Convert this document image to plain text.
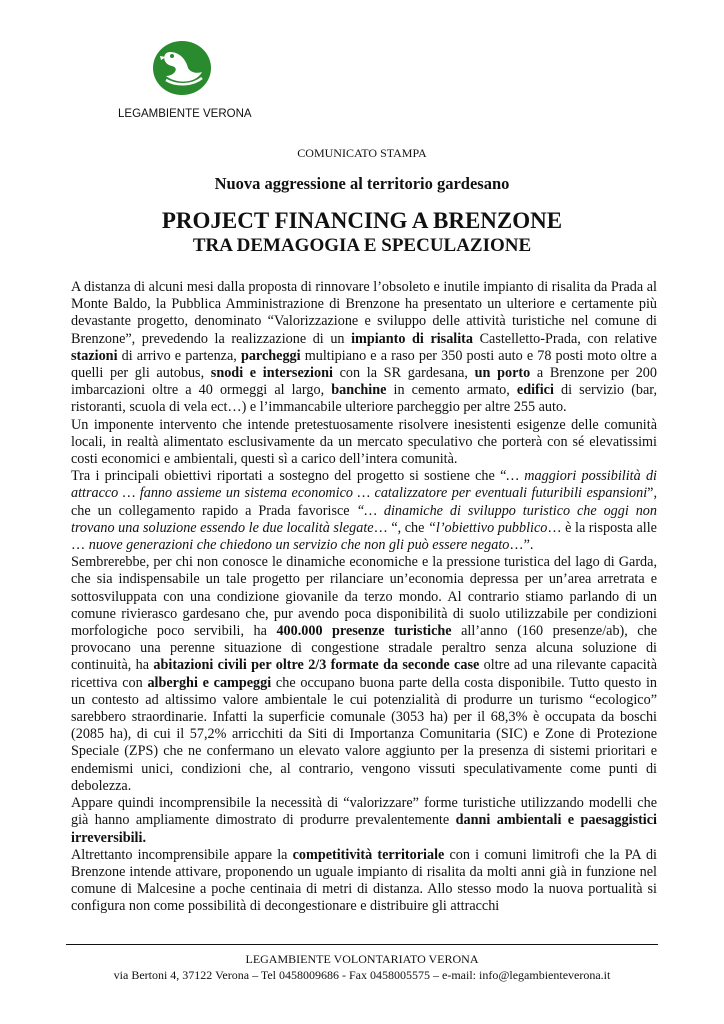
LEGAMBIENTE VERONA
COMUNICATO STAMPA
Nuova aggressione al territorio gardesano
PROJECT FINANCING A BRENZONE
TRA DEMAGOGIA E SPECULAZIONE

A distanza di alcuni mesi dalla proposta di rinnovare l’obsoleto e inutile impianto di risalita da Prada al Monte Baldo, la Pubblica Amministrazione di Brenzone ha presentato un ulteriore e certamente più devastante progetto, denominato “Valorizzazione e sviluppo delle attività turistiche nel comune di Brenzone”, prevedendo la realizzazione di un impianto di risalita Castelletto-Prada, con relative stazioni di arrivo e partenza, parcheggi multipiano e a raso per 350 posti auto e 78 posti moto oltre a quelli per gli autobus, snodi e intersezioni con la SR gardesana, un porto a Brenzone per 200 imbarcazioni oltre a 40 ormeggi al largo, banchine in cemento armato, edifici di servizio (bar, ristoranti, scuola di vela ect…) e l’immancabile ulteriore parcheggio per altre 255 auto.

Un imponente intervento che intende pretestuosamente risolvere inesistenti esigenze delle comunità locali, in realtà alimentato esclusivamente da un mercato speculativo che porterà con sé elevatissimi costi economici e ambientali, questi sì a carico dell’intera comunità.

Tra i principali obiettivi riportati a sostegno del progetto si sostiene che “… maggiori possibilità di attracco … fanno assieme un sistema economico … catalizzatore per eventuali futuribili espansioni”, che un collegamento rapido a Prada favorisce “… dinamiche di sviluppo turistico che oggi non trovano una soluzione essendo le due località slegate… “, che “l’obiettivo pubblico… è la risposta alle … nuove generazioni che chiedono un servizio che non gli può essere negato…”.

Sembrerebbe, per chi non conosce le dinamiche economiche e la pressione turistica del lago di Garda, che sia indispensabile un tale progetto per rilanciare un’economia depressa per un’area arretrata e sottosviluppata con una condizione giovanile da terzo mondo. Al contrario stiamo parlando di un comune rivierasco gardesano che, pur avendo poca disponibilità di suolo utilizzabile per condizioni morfologiche poco servibili, ha 400.000 presenze turistiche all’anno (160 presenze/ab), che provocano una perenne situazione di congestione stradale peraltro senza alcuna soluzione di continuità, ha abitazioni civili per oltre 2/3 formate da seconde case oltre ad una rilevante capacità ricettiva con alberghi e campeggi che occupano buona parte della costa disponibile. Tutto questo in un contesto ad altissimo valore ambientale le cui potenzialità di produrre un turismo “ecologico” sarebbero straordinarie. Infatti la superficie comunale (3053 ha) per il 68,3% è occupata da boschi (2085 ha), di cui il 57,2% arricchiti da Siti di Importanza Comunitaria (SIC) e Zone di Protezione Speciale (ZPS) che ne confermano un elevato valore aggiunto per la presenza di sistemi prioritari e endemismi unici, condizioni che, al contrario, vengono vissuti speculativamente come punti di debolezza.

Appare quindi incomprensibile la necessità di “valorizzare” forme turistiche utilizzando modelli che già hanno ampliamente dimostrato di produrre prevalentemente danni ambientali e paesaggistici irreversibili.

Altrettanto incomprensibile appare la competitività territoriale con i comuni limitrofi che la PA di Brenzone intende attivare, proponendo un uguale impianto di risalita da molti anni già in funzione nel comune di Malcesine a poche centinaia di metri di distanza. Allo stesso modo la nuova portualità si configura non come possibilità di decongestionare e distribuire gli attracchi

LEGAMBIENTE VOLONTARIATO VERONA
via Bertoni 4, 37122 Verona – Tel 0458009686 - Fax 0458005575 – e-mail: info@legambienteverona.it
